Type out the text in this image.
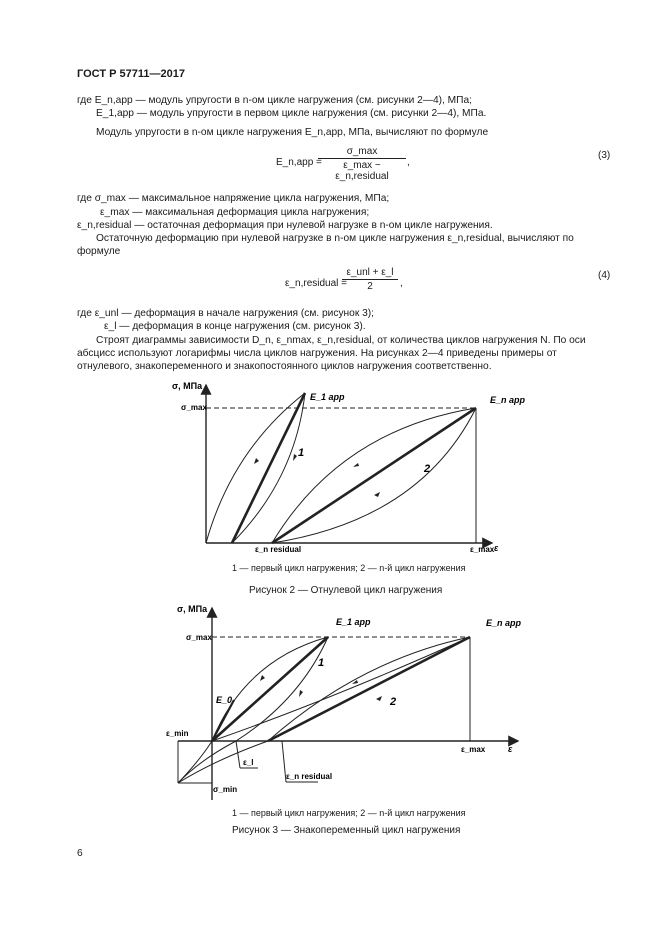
ГОСТ Р 57711—2017
где E_n,app — модуль упругости в n-ом цикле нагружения (см. рисунки 2—4), МПа;
E_1,app — модуль упругости в первом цикле нагружения (см. рисунки 2—4), МПа.
Модуль упругости в n-ом цикле нагружения E_n,app, МПа, вычисляют по формуле
E_n,app =
σ_max
ε_max − ε_n,residual
,
(3)
где σ_max — максимальное напряжение цикла нагружения, МПа;
ε_max — максимальная деформация цикла нагружения;
ε_n,residual — остаточная деформация при нулевой нагрузке в n-ом цикле нагружения.
Остаточную деформацию при нулевой нагрузке в n-ом цикле нагружения ε_n,residual, вычисляют по
формуле
ε_n,residual =
ε_unl + ε_l
2	,
(4)
где ε_unl — деформация в начале нагружения (см. рисунок 3);
ε_l — деформация в конце нагружения (см. рисунок 3).
Строят диаграммы зависимости D_n, ε_nmax, ε_n,residual, от количества циклов нагружения N. По оси
абсцисс используют логарифмы числа циклов нагружения. На рисунках 2—4 приведены примеры от
отнулевого, знакопеременного и знакопостоянного циклов нагружения соответственно.
σ, МПа
σ_max
E_1 app	E_n app
1
2
ε_n residual	ε_max ε
1 — первый цикл нагружения; 2 — n-й цикл нагружения
Рисунок 2 — Отнулевой цикл нагружения
σ, МПа
σ_max
E_1 app	E_n app
E_0
1
2
ε_min
ε_max	ε
ε_l
ε_n residual
σ_min
1 — первый цикл нагружения; 2 — n-й цикл нагружения
Рисунок 3 — Знакопеременный цикл нагружения
6
